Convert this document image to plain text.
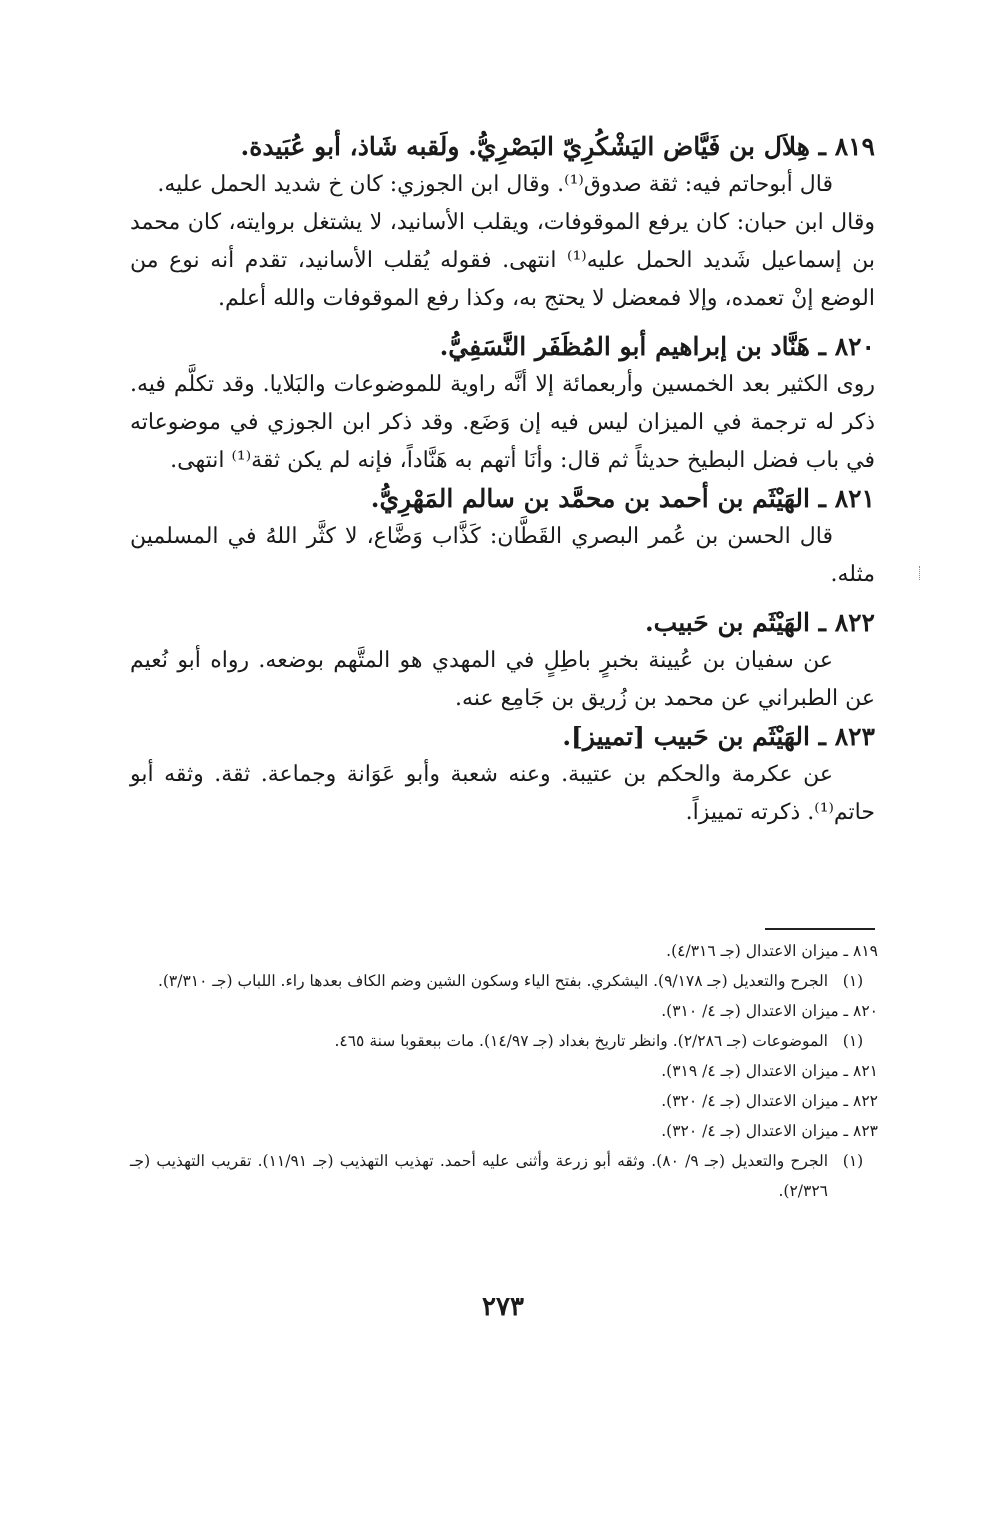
٨١٩ ـ هِلاَل بن فَيَّاض اليَشْكُرِيّ البَصْرِيُّ. ولَقبه شَاذ، أبو عُبَيدة.

قال أبوحاتم فيه: ثقة صدوق⁽¹⁾. وقال ابن الجوزي: كان خ شديد الحمل عليه.

وقال ابن حبان: كان يرفع الموقوفات، ويقلب الأسانيد، لا يشتغل بروايته، كان محمد بن إسماعيل شَديد الحمل عليه⁽¹⁾ انتهى. فقوله يُقلب الأسانيد، تقدم أنه نوع من الوضع إنْ تعمده، وإلا فمعضل لا يحتج به، وكذا رفع الموقوفات والله أعلم.

٨٢٠ ـ هَنَّاد بن إبراهيم أبو المُظَفَر النَّسَفِيُّ.

روى الكثير بعد الخمسين وأربعمائة إلا أنَّه راوية للموضوعات والبَلايا. وقد تكلَّم فيه. ذكر له ترجمة في الميزان ليس فيه إن وَضَع. وقد ذكر ابن الجوزي في موضوعاته في باب فضل البطيخ حديثاً ثم قال: وأنَا أتهم به هَنَّاداً، فإنه لم يكن ثقة⁽¹⁾ انتهى.

٨٢١ ـ الهَيْثَم بن أحمد بن محمَّد بن سالم المَهْرِيُّ.

قال الحسن بن عُمر البصري القَطَّان: كَذَّاب وَضَّاع، لا كثَّر اللهُ في المسلمين مثله.

٨٢٢ ـ الهَيْثَم بن حَبيب.

عن سفيان بن عُيينة بخبرٍ باطِلٍ في المهدي هو المتَّهم بوضعه. رواه أبو نُعيم عن الطبراني عن محمد بن زُريق بن جَامِع عنه.

٨٢٣ ـ الهَيْثَم بن حَبيب [تمييز].

عن عكرمة والحكم بن عتيبة. وعنه شعبة وأبو عَوَانة وجماعة. ثقة. وثقه أبو حاتم⁽¹⁾. ذكرته تمييزاً.

٨١٩ ـ ميزان الاعتدال (جـ ٤/٣١٦).

(١)
الجرح والتعديل (جـ ٩/١٧٨). اليشكري. بفتح الياء وسكون الشين وضم الكاف بعدها راء. اللباب (جـ ٣/٣١٠).

٨٢٠ ـ ميزان الاعتدال (جـ ٤/ ٣١٠).

(١)
الموضوعات (جـ ٢/٢٨٦). وانظر تاريخ بغداد (جـ ١٤/٩٧). مات ببعقوبا سنة ٤٦٥.

٨٢١ ـ ميزان الاعتدال (جـ ٤/ ٣١٩).

٨٢٢ ـ ميزان الاعتدال (جـ ٤/ ٣٢٠).

٨٢٣ ـ ميزان الاعتدال (جـ ٤/ ٣٢٠).

(١)
الجرح والتعديل (جـ ٩/ ٨٠). وثقه أبو زرعة وأثنى عليه أحمد. تهذيب التهذيب (جـ ١١/٩١). تقريب التهذيب (جـ ٢/٣٢٦).
٢٧٣
